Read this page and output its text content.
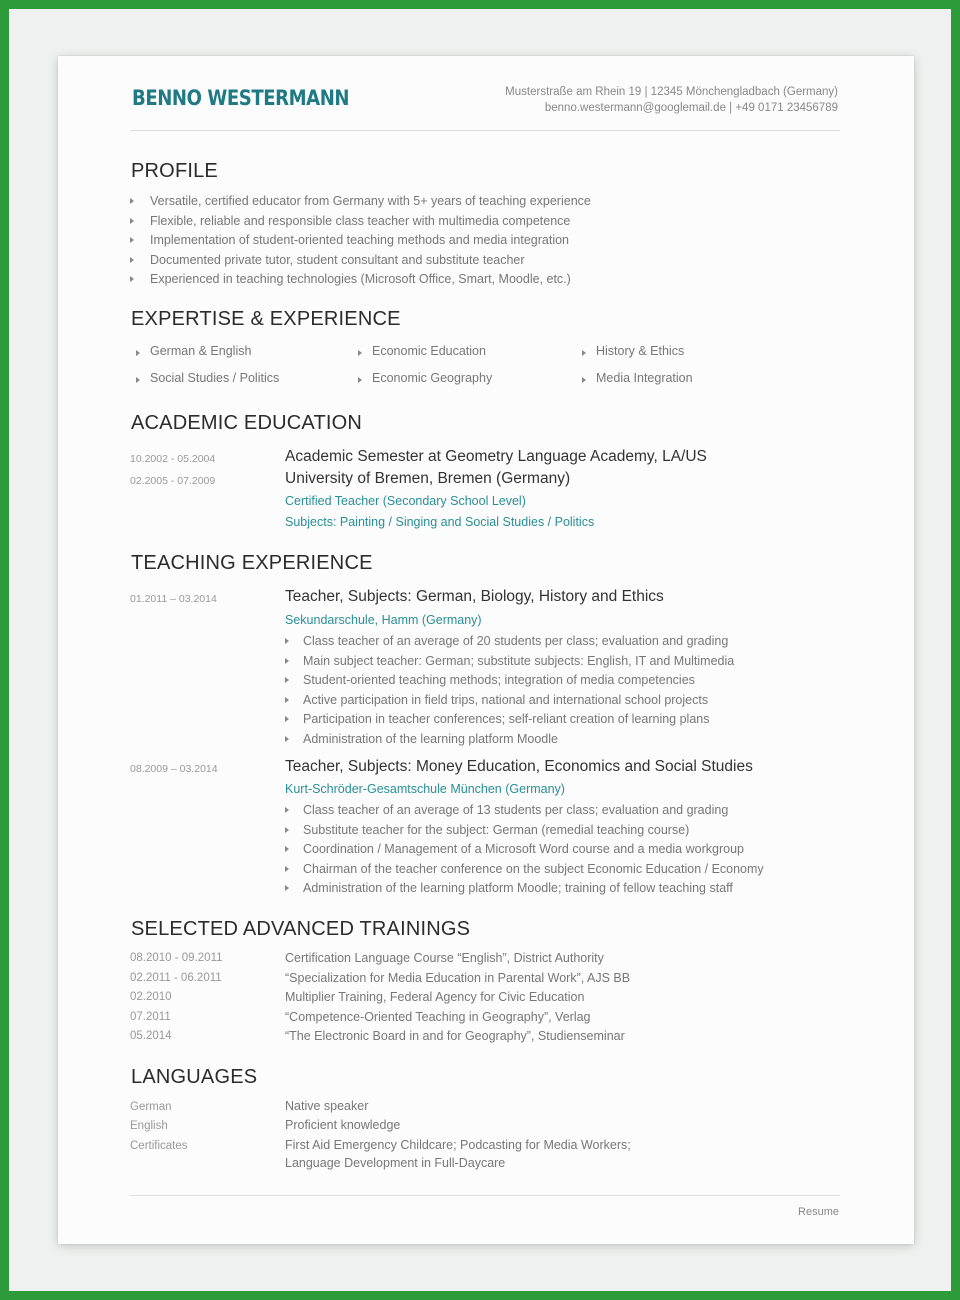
BENNO WESTERMANN	Musterstraße am Rhein 19 | 12345 Mönchengladbach (Germany)
benno.westermann@googlemail.de | +49 0171 23456789
PROFILE
Versatile, certified educator from Germany with 5+ years of teaching experience
Flexible, reliable and responsible class teacher with multimedia competence
Implementation of student-oriented teaching methods and media integration
Documented private tutor, student consultant and substitute teacher
Experienced in teaching technologies (Microsoft Office, Smart, Moodle, etc.)
EXPERTISE & EXPERIENCE
German & English	Economic Education	History & Ethics
Social Studies / Politics	Economic Geography	Media Integration
ACADEMIC EDUCATION
10.2002 - 05.2004	Academic Semester at Geometry Language Academy, LA/US
02.2005 - 07.2009	University of Bremen, Bremen (Germany)
Certified Teacher (Secondary School Level)
Subjects: Painting / Singing and Social Studies / Politics
TEACHING EXPERIENCE
01.2011 – 03.2014	Teacher, Subjects: German, Biology, History and Ethics
Sekundarschule, Hamm (Germany)
Class teacher of an average of 20 students per class; evaluation and grading
Main subject teacher: German; substitute subjects: English, IT and Multimedia
Student-oriented teaching methods; integration of media competencies
Active participation in field trips, national and international school projects
Participation in teacher conferences; self-reliant creation of learning plans
Administration of the learning platform Moodle
08.2009 – 03.2014	Teacher, Subjects: Money Education, Economics and Social Studies
Kurt-Schröder-Gesamtschule München (Germany)
Class teacher of an average of 13 students per class; evaluation and grading
Substitute teacher for the subject: German (remedial teaching course)
Coordination / Management of a Microsoft Word course and a media workgroup
Chairman of the teacher conference on the subject Economic Education / Economy
Administration of the learning platform Moodle; training of fellow teaching staff
SELECTED ADVANCED TRAININGS
08.2010 - 09.2011	Certification Language Course “English”, District Authority
02.2011 - 06.2011	“Specialization for Media Education in Parental Work”, AJS BB
02.2010	Multiplier Training, Federal Agency for Civic Education
07.2011	“Competence-Oriented Teaching in Geography”, Verlag
05.2014	“The Electronic Board in and for Geography”, Studienseminar
LANGUAGES
German	Native speaker
English	Proficient knowledge
Certificates	First Aid Emergency Childcare; Podcasting for Media Workers;
Language Development in Full-Daycare
Resume
